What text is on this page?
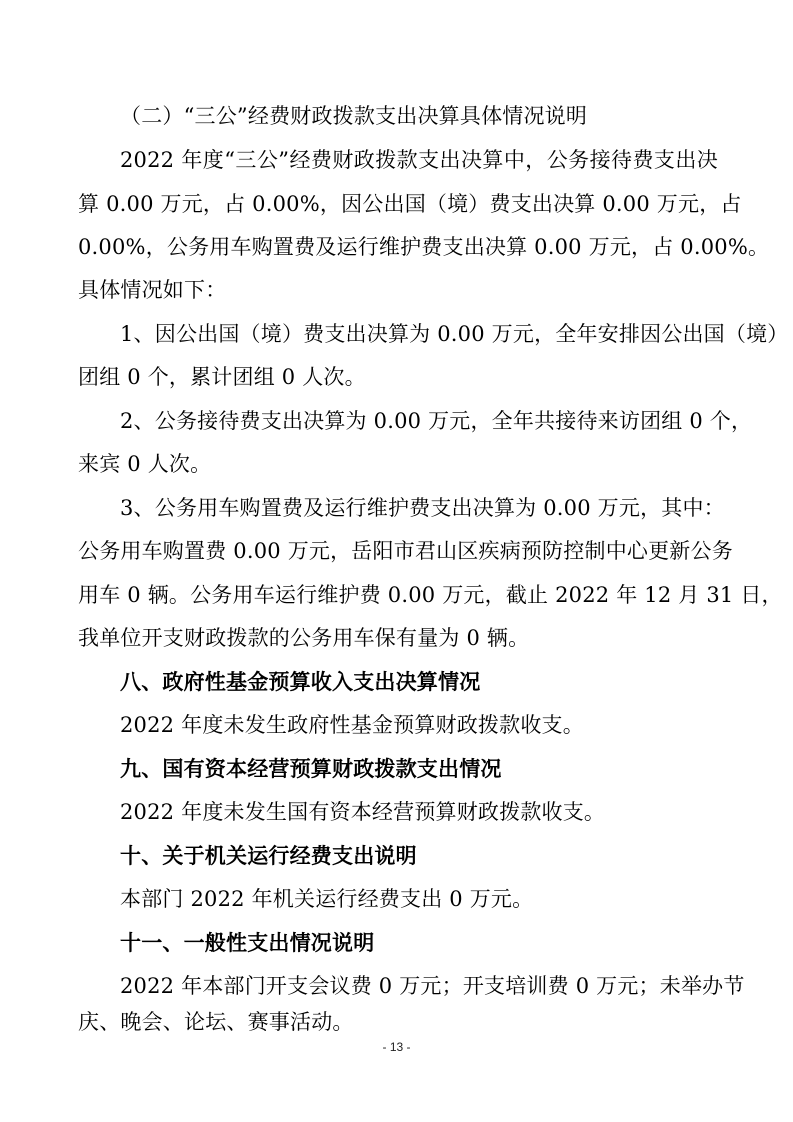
（二）“三公”经费财政拨款支出决算具体情况说明
2022 年度“三公”经费财政拨款支出决算中，公务接待费支出决
算 0.00 万元，占 0.00%，因公出国（境）费支出决算 0.00 万元，占
0.00%，公务用车购置费及运行维护费支出决算 0.00 万元，占 0.00%。
具体情况如下：
1、因公出国（境）费支出决算为 0.00 万元，全年安排因公出国（境）
团组 0 个，累计团组 0 人次。
2、公务接待费支出决算为 0.00 万元，全年共接待来访团组 0 个，
来宾 0 人次。
3、公务用车购置费及运行维护费支出决算为 0.00 万元，其中：
公务用车购置费 0.00 万元，岳阳市君山区疾病预防控制中心更新公务
用车 0 辆。公务用车运行维护费 0.00 万元，截止 2022 年 12 月 31 日，
我单位开支财政拨款的公务用车保有量为 0 辆。
八、政府性基金预算收入支出决算情况
2022 年度未发生政府性基金预算财政拨款收支。
九、国有资本经营预算财政拨款支出情况
2022 年度未发生国有资本经营预算财政拨款收支。
十、关于机关运行经费支出说明
本部门 2022 年机关运行经费支出 0 万元。
十一、一般性支出情况说明
2022 年本部门开支会议费 0 万元；开支培训费 0 万元；未举办节
庆、晚会、论坛、赛事活动。
- 13 -
